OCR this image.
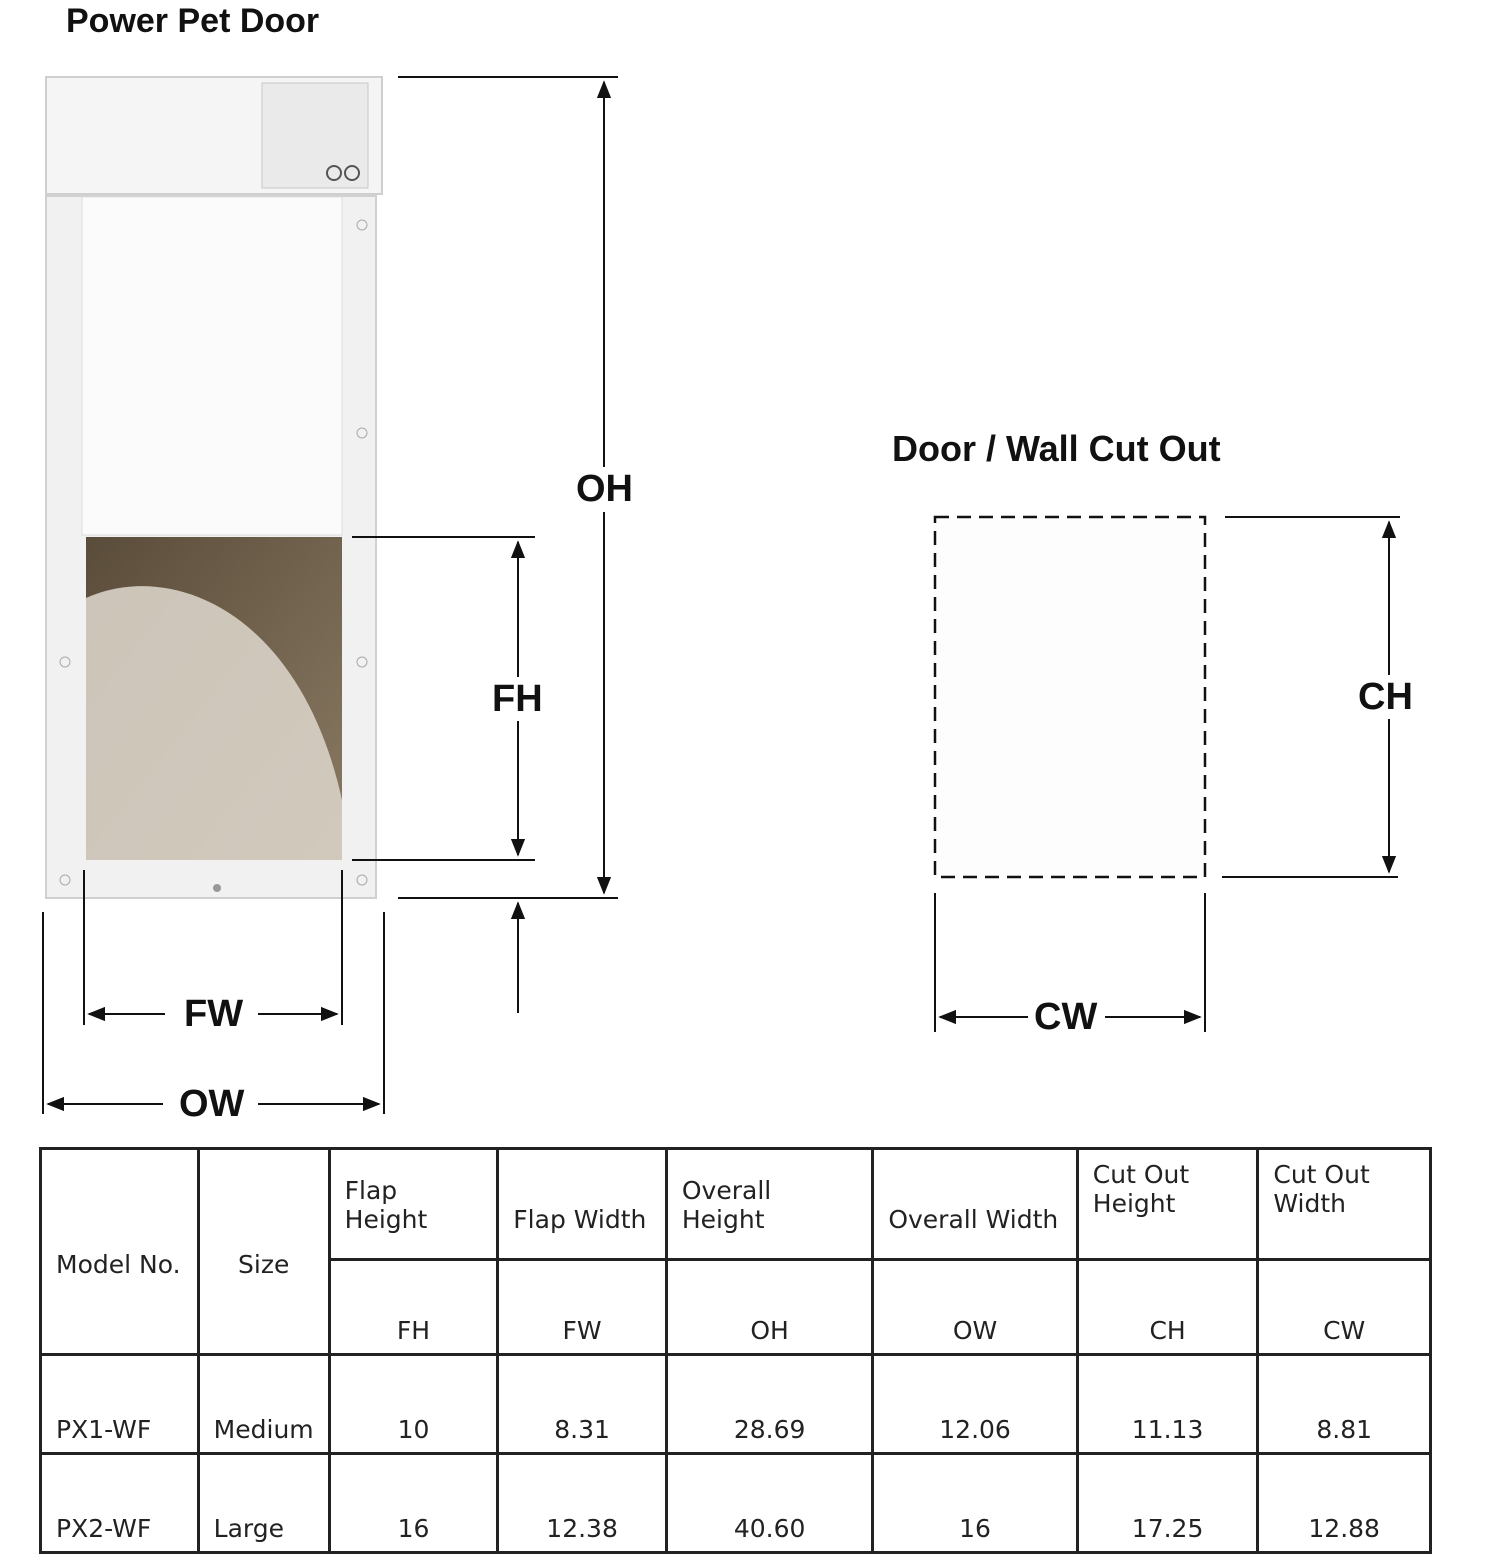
Power Pet Door
Door / Wall Cut Out
OH
FH
FW
OW
CH
CW
Model No.	Size	Flap Height	Flap Width	Overall Height	Overall Width	Cut Out Height	Cut Out Width
		FH	FW	OH	OW	CH	CW
PX1-WF	Medium	10	8.31	28.69	12.06	11.13	8.81
PX2-WF	Large	16	12.38	40.60	16	17.25	12.88
